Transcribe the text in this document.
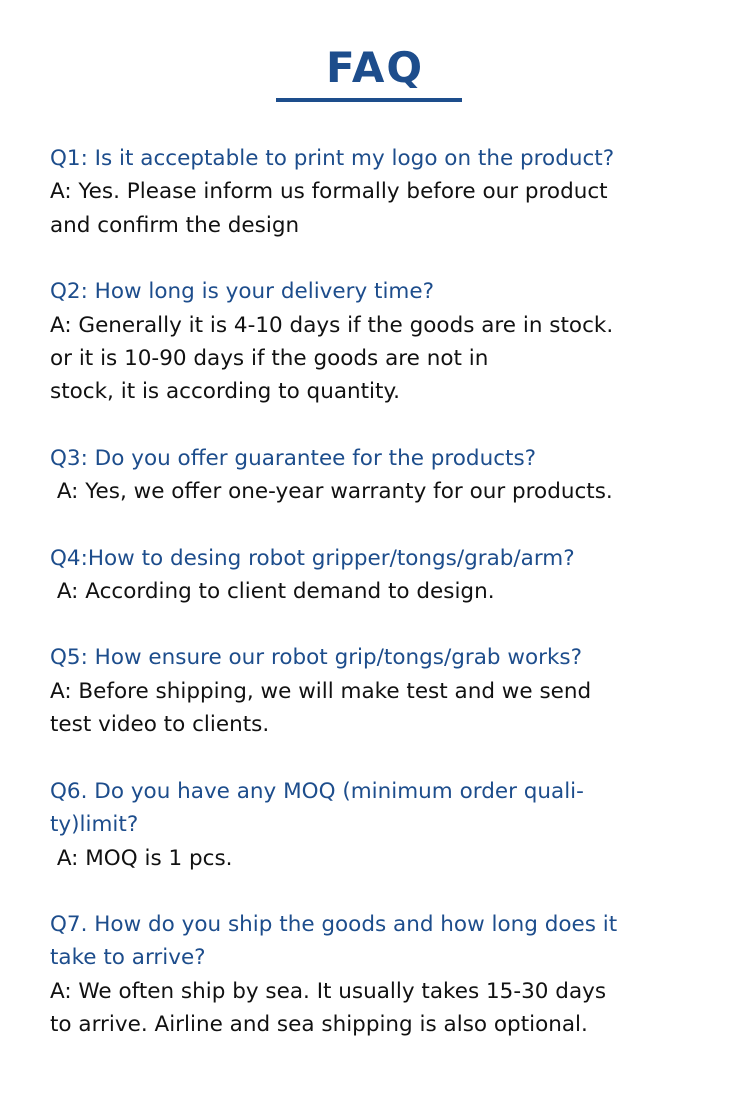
FAQ
Q1: Is it acceptable to print my logo on the product?
A: Yes. Please inform us formally before our product
and confirm the design
Q2: How long is your delivery time?
A: Generally it is 4-10 days if the goods are in stock.
or it is 10-90 days if the goods are not in
stock, it is according to quantity.
Q3: Do you offer guarantee for the products?
A: Yes, we offer one-year warranty for our products.
Q4:How to desing robot gripper/tongs/grab/arm?
A: According to client demand to design.
Q5: How ensure our robot grip/tongs/grab works?
A: Before shipping, we will make test and we send
test video to clients.
Q6. Do you have any MOQ (minimum order quali-
ty)limit?
A: MOQ is 1 pcs.
Q7. How do you ship the goods and how long does it
take to arrive?
A: We often ship by sea. It usually takes 15-30 days
to arrive. Airline and sea shipping is also optional.
